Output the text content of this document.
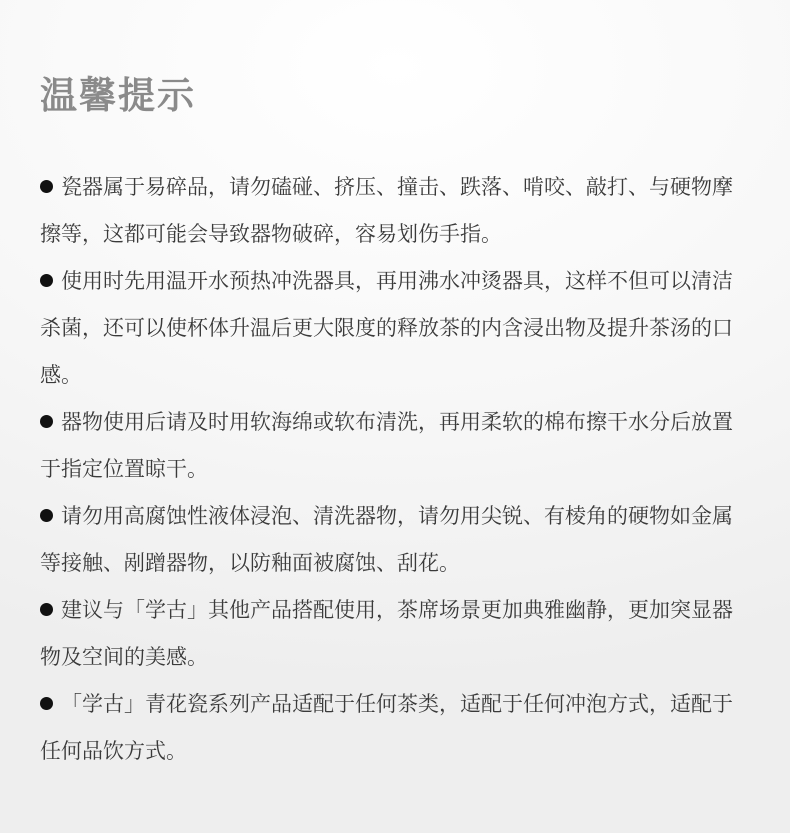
温馨提示
瓷器属于易碎品，请勿磕碰、挤压、撞击、跌落、啃咬、敲打、与硬物摩擦等，这都可能会导致器物破碎，容易划伤手指。
使用时先用温开水预热冲洗器具，再用沸水冲烫器具，这样不但可以清洁杀菌，还可以使杯体升温后更大限度的释放茶的内含浸出物及提升茶汤的口感。
器物使用后请及时用软海绵或软布清洗，再用柔软的棉布擦干水分后放置于指定位置晾干。
请勿用高腐蚀性液体浸泡、清洗器物，请勿用尖锐、有棱角的硬物如金属等接触、剐蹭器物，以防釉面被腐蚀、刮花。
建议与「学古」其他产品搭配使用，茶席场景更加典雅幽静，更加突显器物及空间的美感。
「学古」青花瓷系列产品适配于任何茶类，适配于任何冲泡方式，适配于任何品饮方式。
